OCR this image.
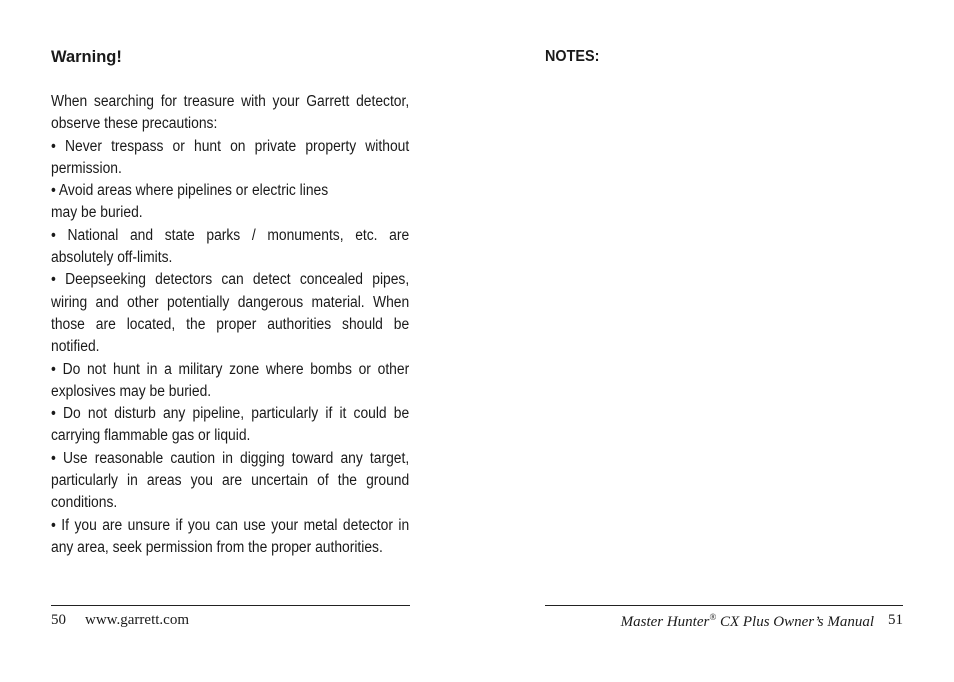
Warning!

When searching for treasure with your Garrett detector, observe these precautions:

• Never trespass or hunt on private property without permission.

• Avoid areas where pipelines or electric lines may be buried.

• National and state parks / monuments, etc. are absolutely off-limits.

• Deepseeking detectors can detect concealed pipes, wiring and other potentially dangerous material. When those are located, the proper authorities should be notified.

• Do not hunt in a military zone where bombs or other explosives may be buried.

• Do not disturb any pipeline, particularly if it could be carrying flammable gas or liquid.

• Use reasonable caution in digging toward any target, particularly in areas you are uncertain of the ground conditions.

• If you are unsure if you can use your metal detector in any area, seek permission from the proper authorities.

50 www.garrett.com
NOTES:
Master Hunter® CX Plus Owner’s Manual 51
